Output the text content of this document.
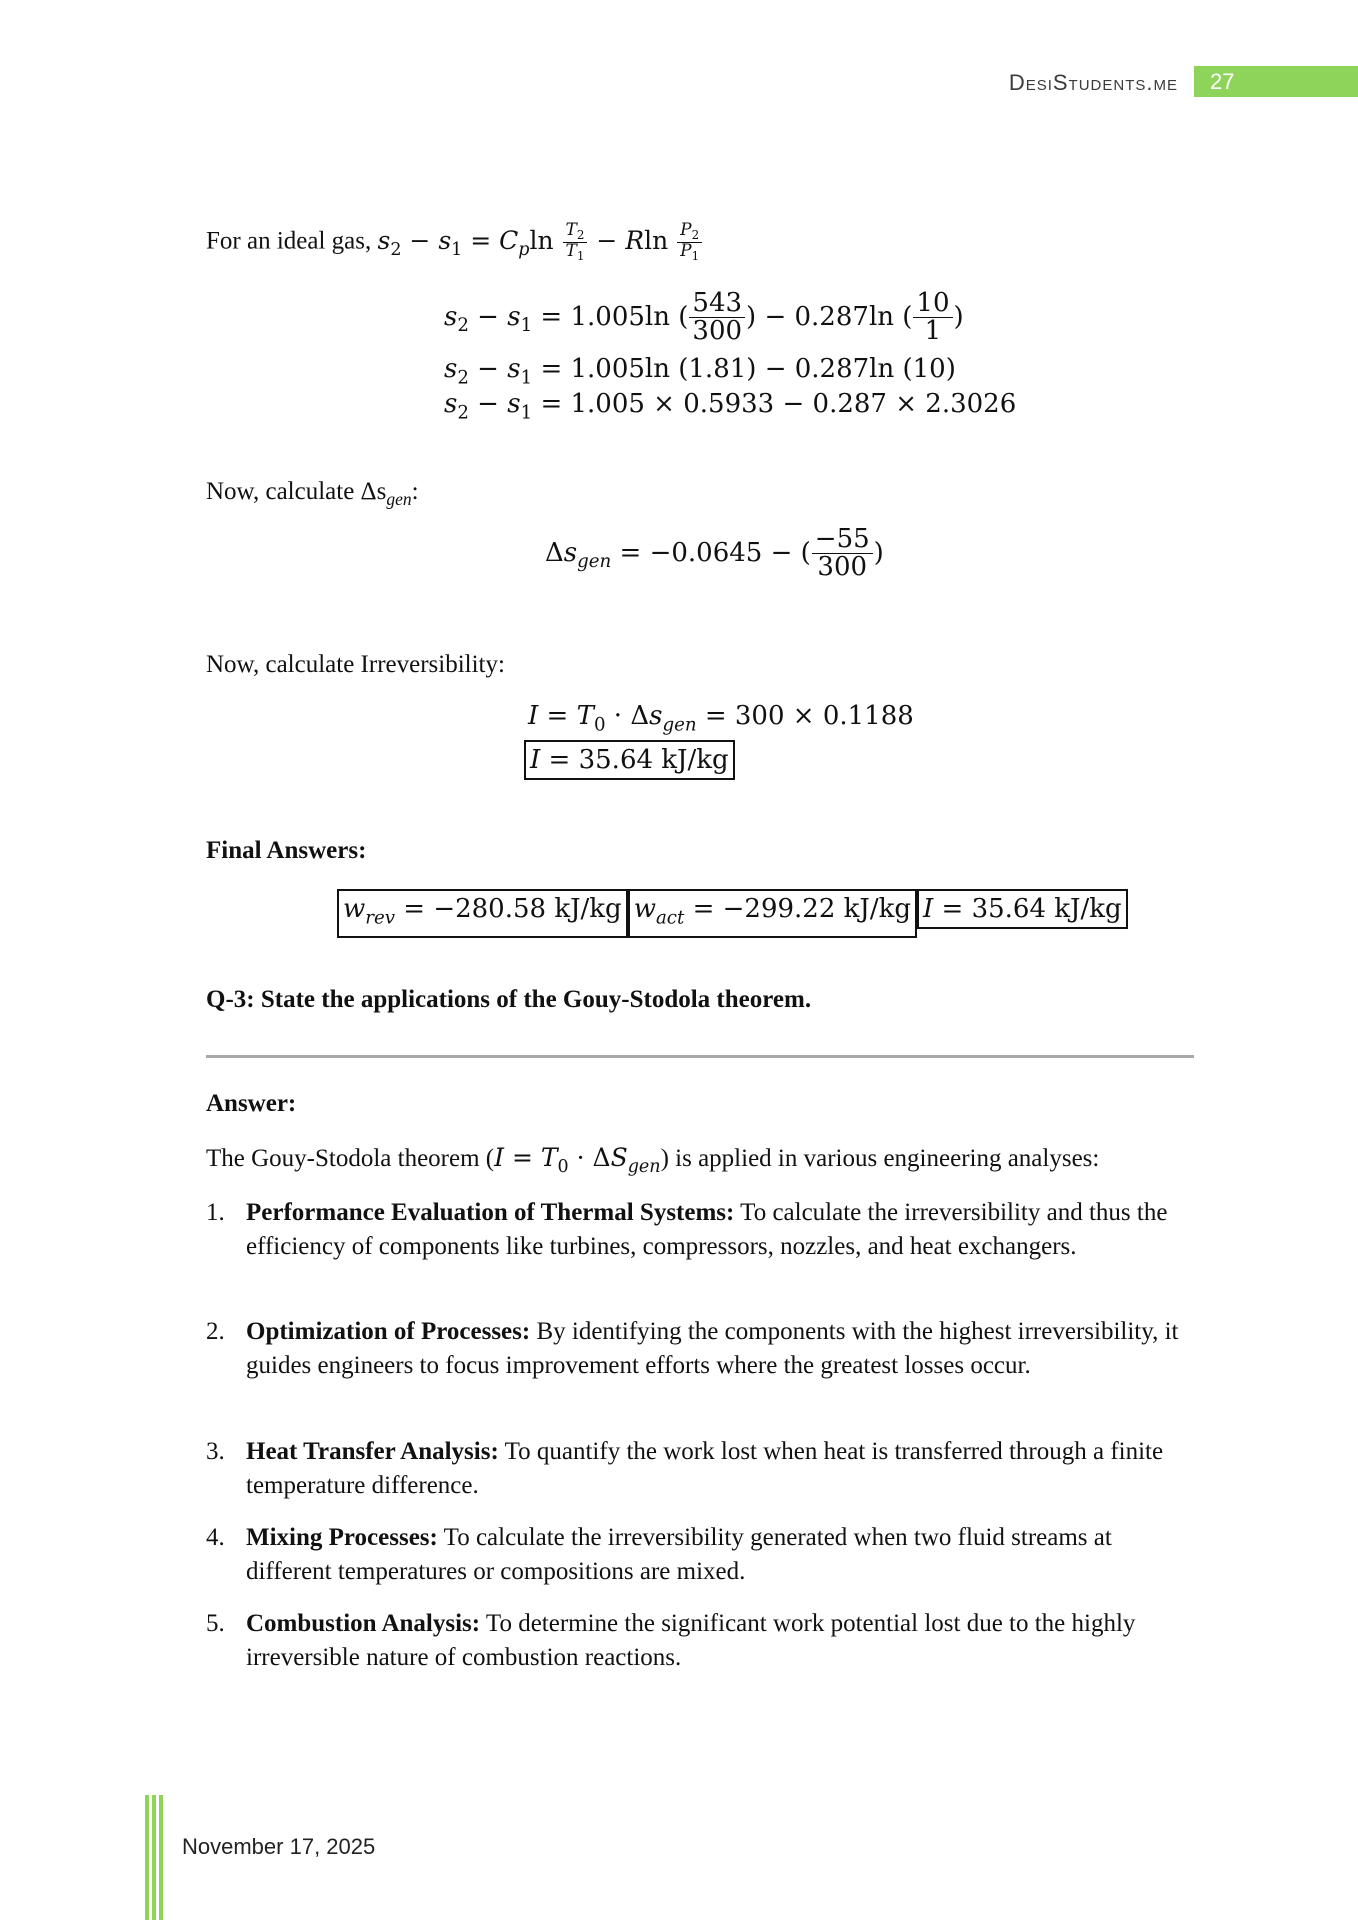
DesiStudents.me 27
For an ideal gas, $s_2 - s_1 = C_p\ln \frac{T_2}{T_1} - Rln \frac{P_2}{P_1}$
$s_2 - s_1 = 1.005\ln$ ( $\frac{543}{300}$ ) − 0.287ln ( $\frac{10}{1}$ )
$s_2 - s_1 = 1.005\ln$ (1.81) − 0.287ln (10)
$s_2 - s_1 = 1.005 \times 0.5933 - 0.287 \times 2.3026$
Now, calculate $\Delta s_{gen}$:
$\Delta s_{gen} = -0.0645$ − ( $\frac{-55}{300}$ )
Now, calculate Irreversibility:
$I = T_0 \cdot \Delta s_{gen} = 300 \times 0.1188$
I = 35.64 kJ/kg
Final Answers:
$w_{rev} = -280.58$ kJ/kg $w_{act} = -299.22$ kJ/kg I = 35.64 kJ/kg
Q-3: State the applications of the Gouy-Stodola theorem.
Answer:
The Gouy-Stodola theorem $(I = T_0 \cdot \Delta S_{gen})$ is applied in various engineering analyses:
1. Performance Evaluation of Thermal Systems: To calculate the irreversibility and thus the efficiency of components like turbines, compressors, nozzles, and heat exchangers.
2. Optimization of Processes: By identifying the components with the highest irreversibility, it guides engineers to focus improvement efforts where the greatest losses occur.
3. Heat Transfer Analysis: To quantify the work lost when heat is transferred through a finite temperature difference.
4. Mixing Processes: To calculate the irreversibility generated when two fluid streams at different temperatures or compositions are mixed.
5. Combustion Analysis: To determine the significant work potential lost due to the highly irreversible nature of combustion reactions.
November 17, 2025
